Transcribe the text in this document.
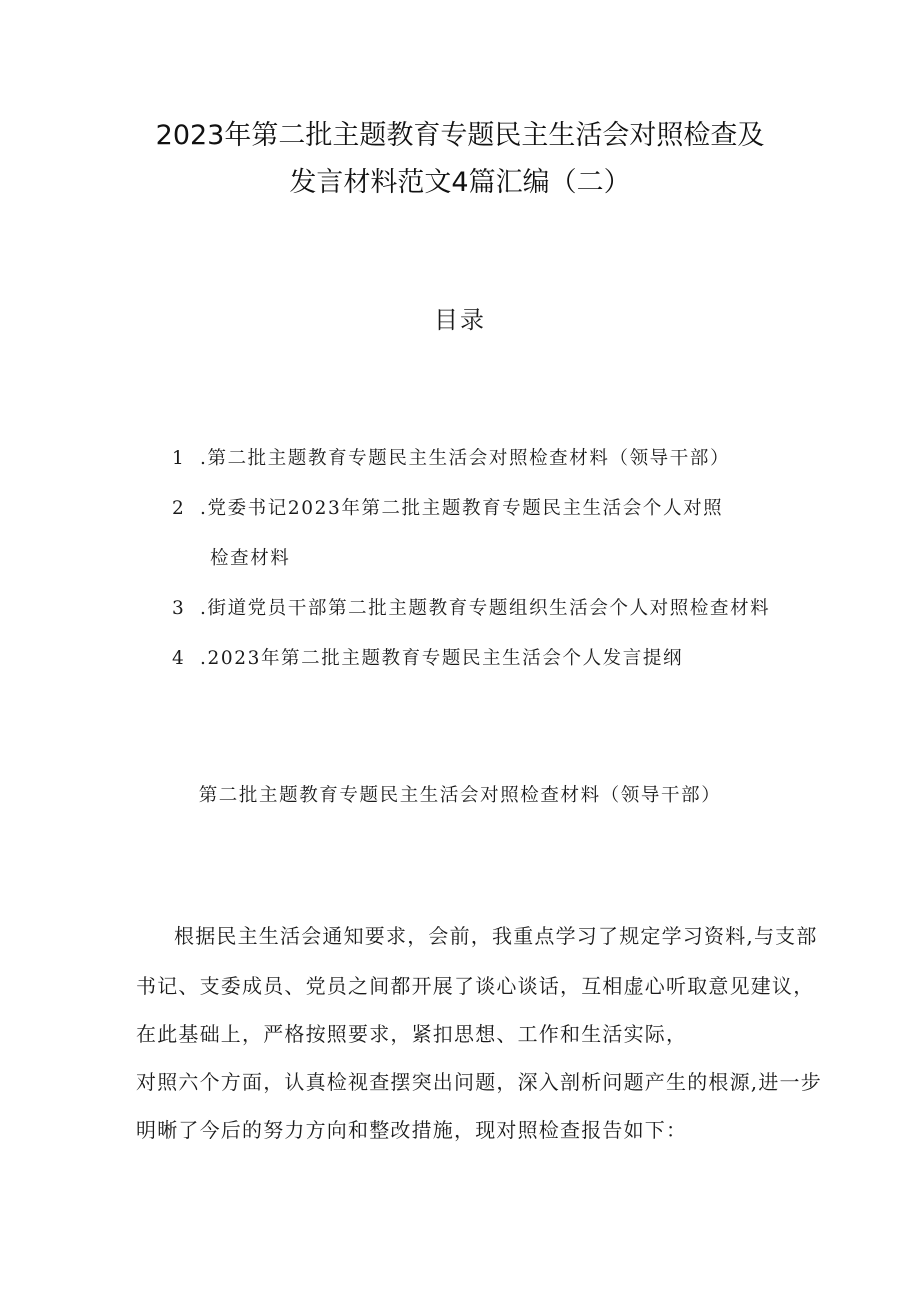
2023年第二批主题教育专题民主生活会对照检查及
发言材料范文4篇汇编（二）
目录
1 .第二批主题教育专题民主生活会对照检查材料（领导干部）
2 .党委书记2023年第二批主题教育专题民主生活会个人对照
检查材料
3 .街道党员干部第二批主题教育专题组织生活会个人对照检查材料
4 .2023年第二批主题教育专题民主生活会个人发言提纲
第二批主题教育专题民主生活会对照检查材料（领导干部）
根据民主生活会通知要求，会前，我重点学习了规定学习资料,与支部
书记、支委成员、党员之间都开展了谈心谈话，互相虚心听取意见建议，
在此基础上，严格按照要求，紧扣思想、工作和生活实际，
对照六个方面，认真检视查摆突出问题，深入剖析问题产生的根源,进一步
明晰了今后的努力方向和整改措施，现对照检查报告如下：
